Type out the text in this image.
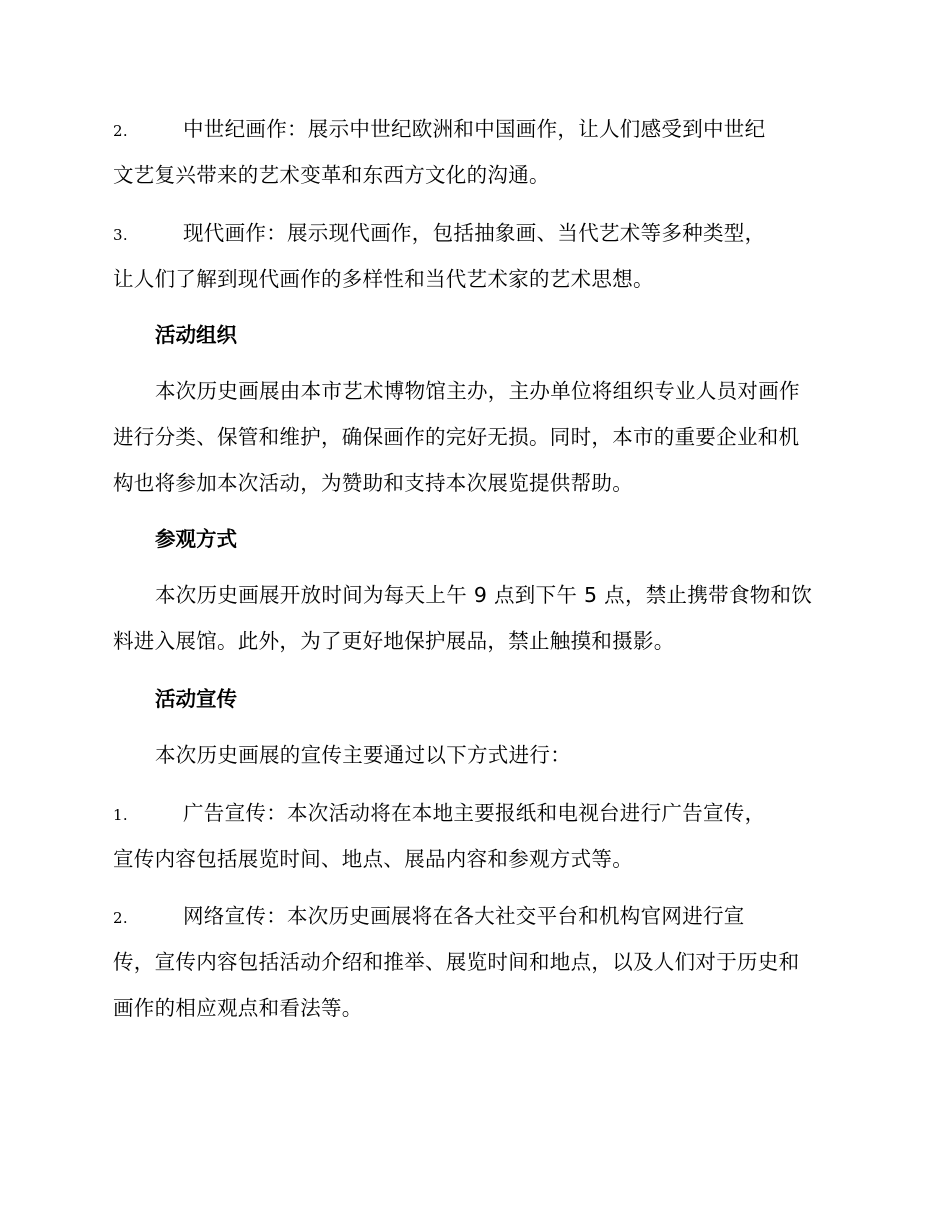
2.	中世纪画作：展示中世纪欧洲和中国画作，让人们感受到中世纪
文艺复兴带来的艺术变革和东西方文化的沟通。
3.	现代画作：展示现代画作，包括抽象画、当代艺术等多种类型，
让人们了解到现代画作的多样性和当代艺术家的艺术思想。
活动组织
本次历史画展由本市艺术博物馆主办，主办单位将组织专业人员对画作
进行分类、保管和维护，确保画作的完好无损。同时，本市的重要企业和机
构也将参加本次活动，为赞助和支持本次展览提供帮助。
参观方式
本次历史画展开放时间为每天上午 9 点到下午 5 点，禁止携带食物和饮
料进入展馆。此外，为了更好地保护展品，禁止触摸和摄影。
活动宣传
本次历史画展的宣传主要通过以下方式进行：
1.	广告宣传：本次活动将在本地主要报纸和电视台进行广告宣传，
宣传内容包括展览时间、地点、展品内容和参观方式等。
2.	网络宣传：本次历史画展将在各大社交平台和机构官网进行宣
传，宣传内容包括活动介绍和推举、展览时间和地点，以及人们对于历史和
画作的相应观点和看法等。
